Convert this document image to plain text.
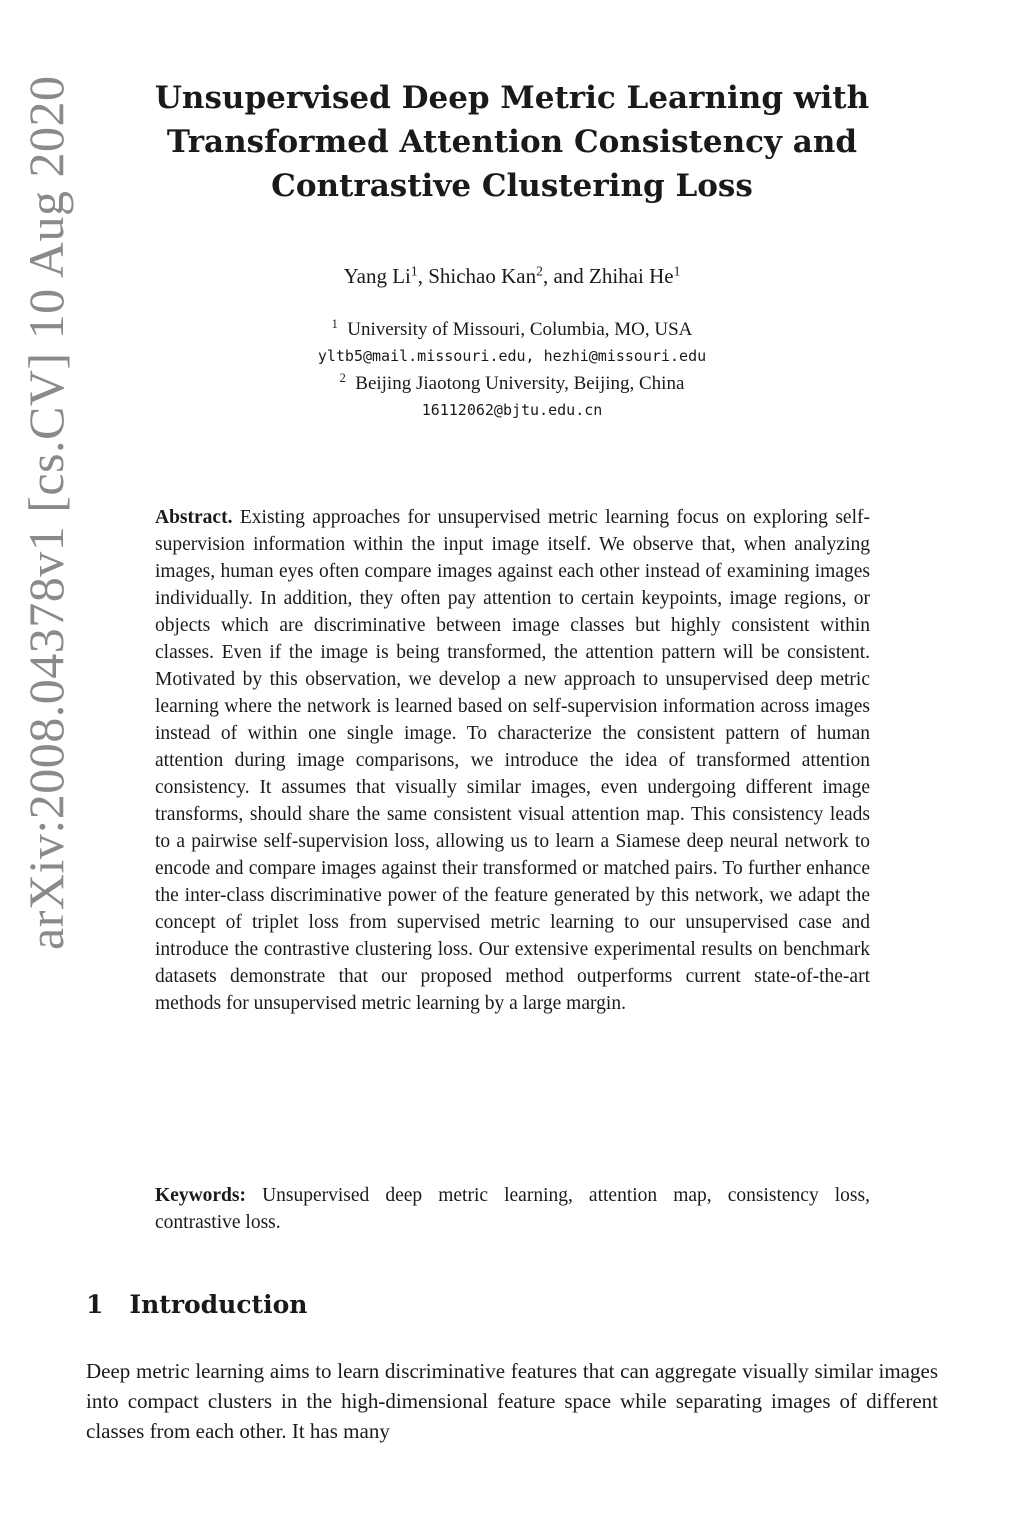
arXiv:2008.04378v1 [cs.CV] 10 Aug 2020	Unsupervised Deep Metric Learning with
Transformed Attention Consistency and
Contrastive Clustering Loss
Yang Li$^1$, Shichao Kan$^2$, and Zhihai He$^1$
$^1$ University of Missouri, Columbia, MO, USA
yltb5@mail.missouri.edu, hezhi@missouri.edu
$^2$ Beijing Jiaotong University, Beijing, China
16112062@bjtu.edu.cn

Abstract. Existing approaches for unsupervised metric learning focus on exploring self-supervision information within the input image itself. We observe that, when analyzing images, human eyes often compare images against each other instead of examining images individually. In addition, they often pay attention to certain keypoints, image regions, or objects which are discriminative between image classes but highly consistent within classes. Even if the image is being transformed, the attention pattern will be consistent. Motivated by this observation, we develop a new approach to unsupervised deep metric learning where the network is learned based on self-supervision information across images instead of within one single image. To characterize the consistent pattern of human attention during image comparisons, we introduce the idea of transformed attention consistency. It assumes that visually similar images, even undergoing different image transforms, should share the same consistent visual attention map. This consistency leads to a pairwise self-supervision loss, allowing us to learn a Siamese deep neural network to encode and compare images against their transformed or matched pairs. To further enhance the inter-class discriminative power of the feature generated by this network, we adapt the concept of triplet loss from supervised metric learning to our unsupervised case and introduce the contrastive clustering loss. Our extensive experimental results on benchmark datasets demonstrate that our proposed method outperforms current state-of-the-art methods for unsupervised metric learning by a large margin.

Keywords: Unsupervised deep metric learning, attention map, consistency loss, contrastive loss.

1 Introduction

Deep metric learning aims to learn discriminative features that can aggregate visually similar images into compact clusters in the high-dimensional feature space while separating images of different classes from each other. It has many
